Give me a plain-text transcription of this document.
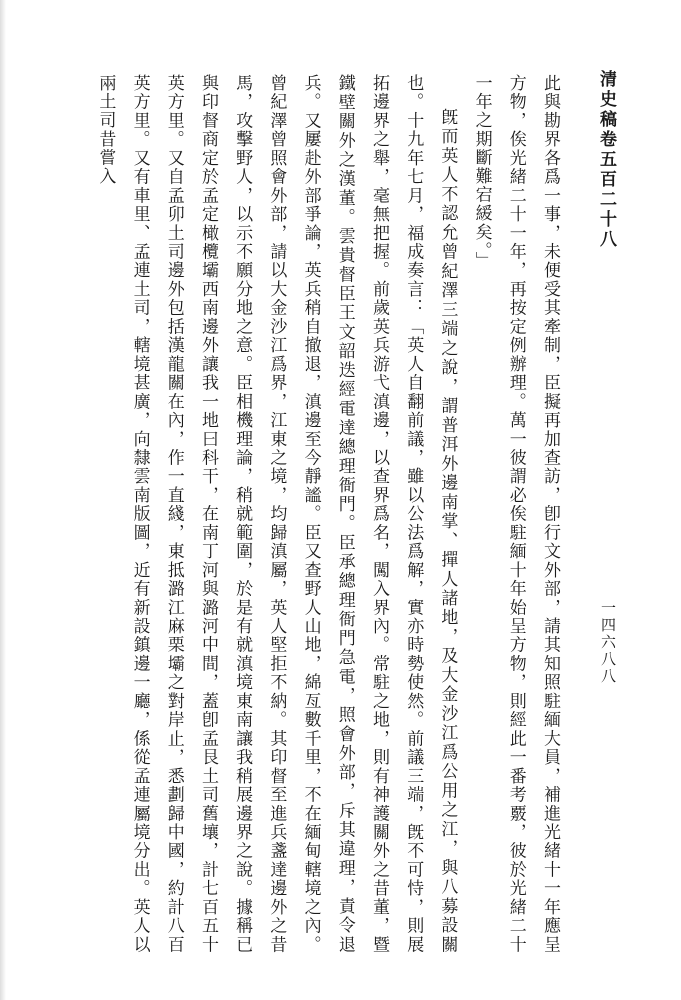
清史稿卷五百二十八
一四六八八

此與勘界各爲一事，未便受其牽制，臣擬再加查訪，卽行文外部，請其知照駐緬大員，補進光緒十一年應呈方物，俟光緒二十一年，再按定例辦理。萬一彼謂必俟駐緬十年始呈方物，則經此一番考覈，彼於光緒二十一年之期斷難宕緩矣。」

旣而英人不認允曾紀澤三端之說，謂普洱外邊南掌、撣人諸地，及大金沙江爲公用之江，與八募設關也。十九年七月，福成奏言：「英人自翻前議，雖以公法爲解，實亦時勢使然。前議三端，旣不可恃，則展拓邊界之舉，毫無把握。前歲英兵游弋滇邊，以查界爲名，闖入界內。常駐之地，則有神護關外之昔董，暨鐵壁關外之漢董。雲貴督臣王文韶迭經電達總理衙門。臣承總理衙門急電，照會外部，斥其違理，責令退兵。又屢赴外部爭論，英兵稍自撤退，滇邊至今靜謐。臣又查野人山地，綿亙數千里，不在緬甸轄境之內。曾紀澤曾照會外部，請以大金沙江爲界，江東之境，均歸滇屬，英人堅拒不納。其印督至進兵盞達邊外之昔馬，攻擊野人，以示不願分地之意。臣相機理論，稍就範圍，於是有就滇境東南讓我稍展邊界之說。據稱已與印督商定於孟定橄欖壩西南邊外讓我一地曰科干，在南丁河與潞河中間，蓋卽孟艮土司舊壤，計七百五十英方里。又自孟卯土司邊外包括漢龍關在內，作一直綫，東抵潞江麻栗壩之對岸止，悉劃歸中國，約計八百英方里。又有車里、孟連土司，轄境甚廣，向隸雲南版圖，近有新設鎮邊一廳，係從孟連屬境分出。英人以兩土司昔嘗入
